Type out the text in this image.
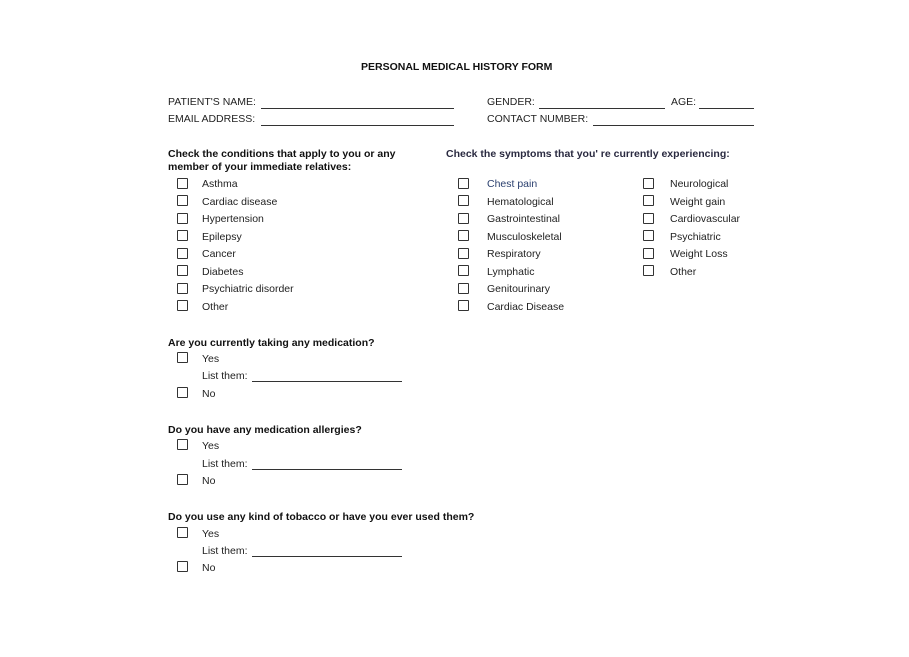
PERSONAL MEDICAL HISTORY FORM
PATIENT'S NAME:	GENDER:	AGE:
EMAIL ADDRESS:	CONTACT NUMBER:
Check the conditions that apply to you or any member of your immediate relatives:
Asthma
Cardiac disease
Hypertension
Epilepsy
Cancer
Diabetes
Psychiatric disorder
Other
Check the symptoms that you' re currently experiencing:
Chest pain
Hematological
Gastrointestinal
Musculoskeletal
Respiratory
Lymphatic
Genitourinary
Cardiac Disease
Neurological
Weight gain
Cardiovascular
Psychiatric
Weight Loss
Other
Are you currently taking any medication?
Yes
List them:
No
Do you have any medication allergies?
Yes
List them:
No
Do you use any kind of tobacco or have you ever used them?
Yes
List them:
No
